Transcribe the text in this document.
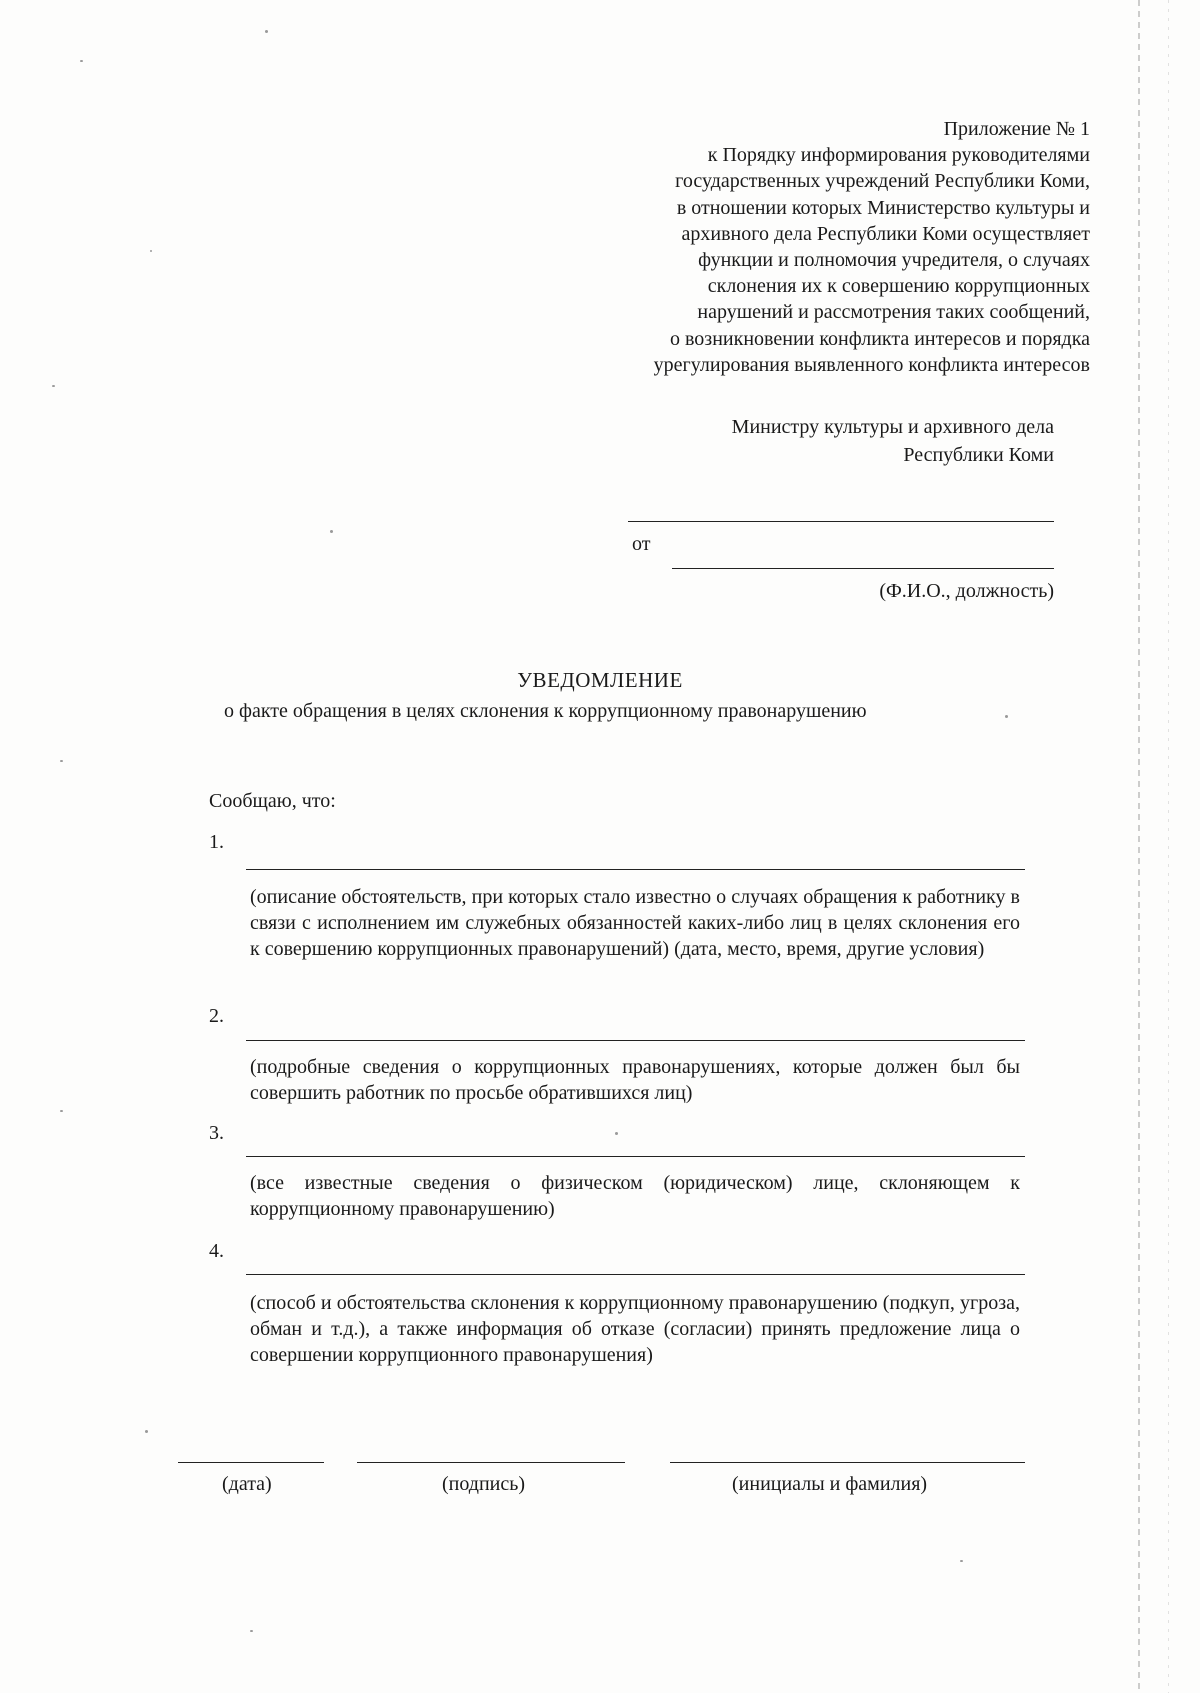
Приложение № 1
к Порядку информирования руководителями
государственных учреждений Республики Коми,
в отношении которых Министерство культуры и
архивного дела Республики Коми осуществляет
функции и полномочия учредителя, о случаях
склонения их к совершению коррупционных
нарушений и рассмотрения таких сообщений,
о возникновении конфликта интересов и порядка
урегулирования выявленного конфликта интересов
Министру культуры и архивного дела
Республики Коми
от
(Ф.И.О., должность)
УВЕДОМЛЕНИЕ
о факте обращения в целях склонения к коррупционному правонарушению
Сообщаю, что:
1.
(описание обстоятельств, при которых стало известно о случаях обращения к работнику в связи с исполнением им служебных обязанностей каких-либо лиц в целях склонения его к совершению коррупционных правонарушений) (дата, место, время, другие условия)
2.
(подробные сведения о коррупционных правонарушениях, которые должен был бы совершить работник по просьбе обратившихся лиц)
3.
(все известные сведения о физическом (юридическом) лице, склоняющем к коррупционному правонарушению)
4.
(способ и обстоятельства склонения к коррупционному правонарушению (подкуп, угроза, обман и т.д.), а также информация об отказе (согласии) принять предложение лица о совершении коррупционного правонарушения)
(дата)	(подпись)	(инициалы и фамилия)
